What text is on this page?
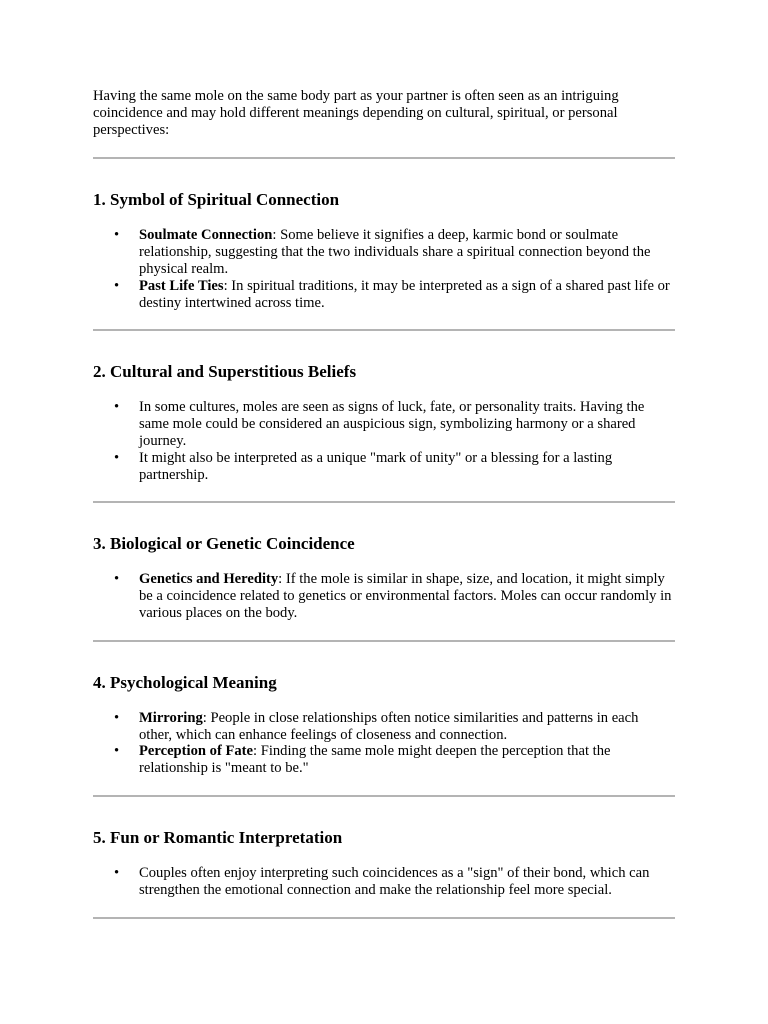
Having the same mole on the same body part as your partner is often seen as an intriguing coincidence and may hold different meanings depending on cultural, spiritual, or personal perspectives:

1. Symbol of Spiritual Connection
• Soulmate Connection: Some believe it signifies a deep, karmic bond or soulmate relationship, suggesting that the two individuals share a spiritual connection beyond the physical realm.
• Past Life Ties: In spiritual traditions, it may be interpreted as a sign of a shared past life or destiny intertwined across time.
2. Cultural and Superstitious Beliefs
• In some cultures, moles are seen as signs of luck, fate, or personality traits. Having the same mole could be considered an auspicious sign, symbolizing harmony or a shared journey.
• It might also be interpreted as a unique "mark of unity" or a blessing for a lasting partnership.
3. Biological or Genetic Coincidence
• Genetics and Heredity: If the mole is similar in shape, size, and location, it might simply be a coincidence related to genetics or environmental factors. Moles can occur randomly in various places on the body.
4. Psychological Meaning
• Mirroring: People in close relationships often notice similarities and patterns in each other, which can enhance feelings of closeness and connection.
• Perception of Fate: Finding the same mole might deepen the perception that the relationship is "meant to be."
5. Fun or Romantic Interpretation
• Couples often enjoy interpreting such coincidences as a "sign" of their bond, which can strengthen the emotional connection and make the relationship feel more special.
